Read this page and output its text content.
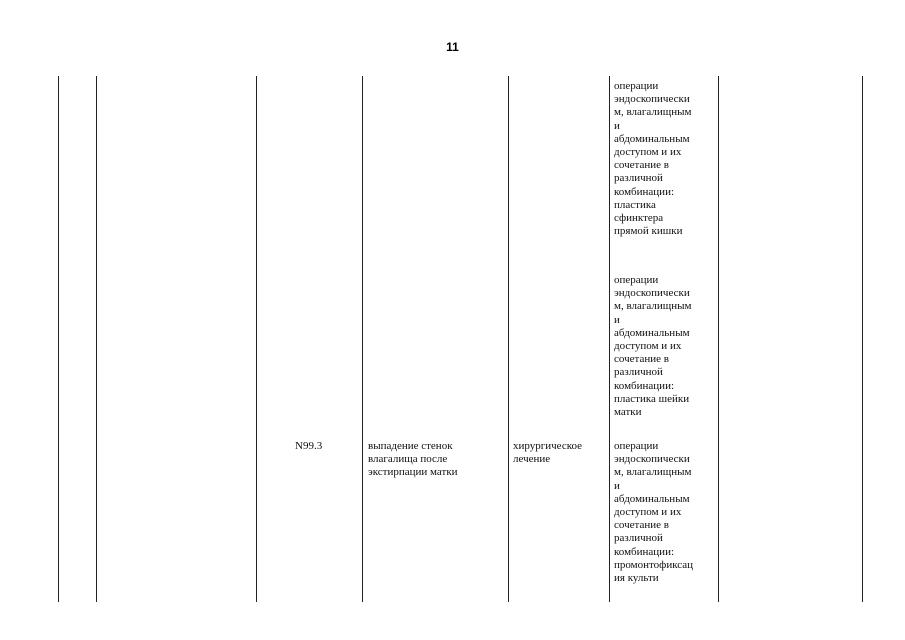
11
N99.3	выпадение стенок
влагалища после
экстирпации матки
хирургическое
лечение
операции
эндоскопически
м, влагалищным
и
абдоминальным
доступом и их
сочетание в
различной
комбинации:
пластика
сфинктера
прямой кишки
операции
эндоскопически
м, влагалищным
и
абдоминальным
доступом и их
сочетание в
различной
комбинации:
пластика шейки
матки
операции
эндоскопически
м, влагалищным
и
абдоминальным
доступом и их
сочетание в
различной
комбинации:
промонтофиксац
ия культи
